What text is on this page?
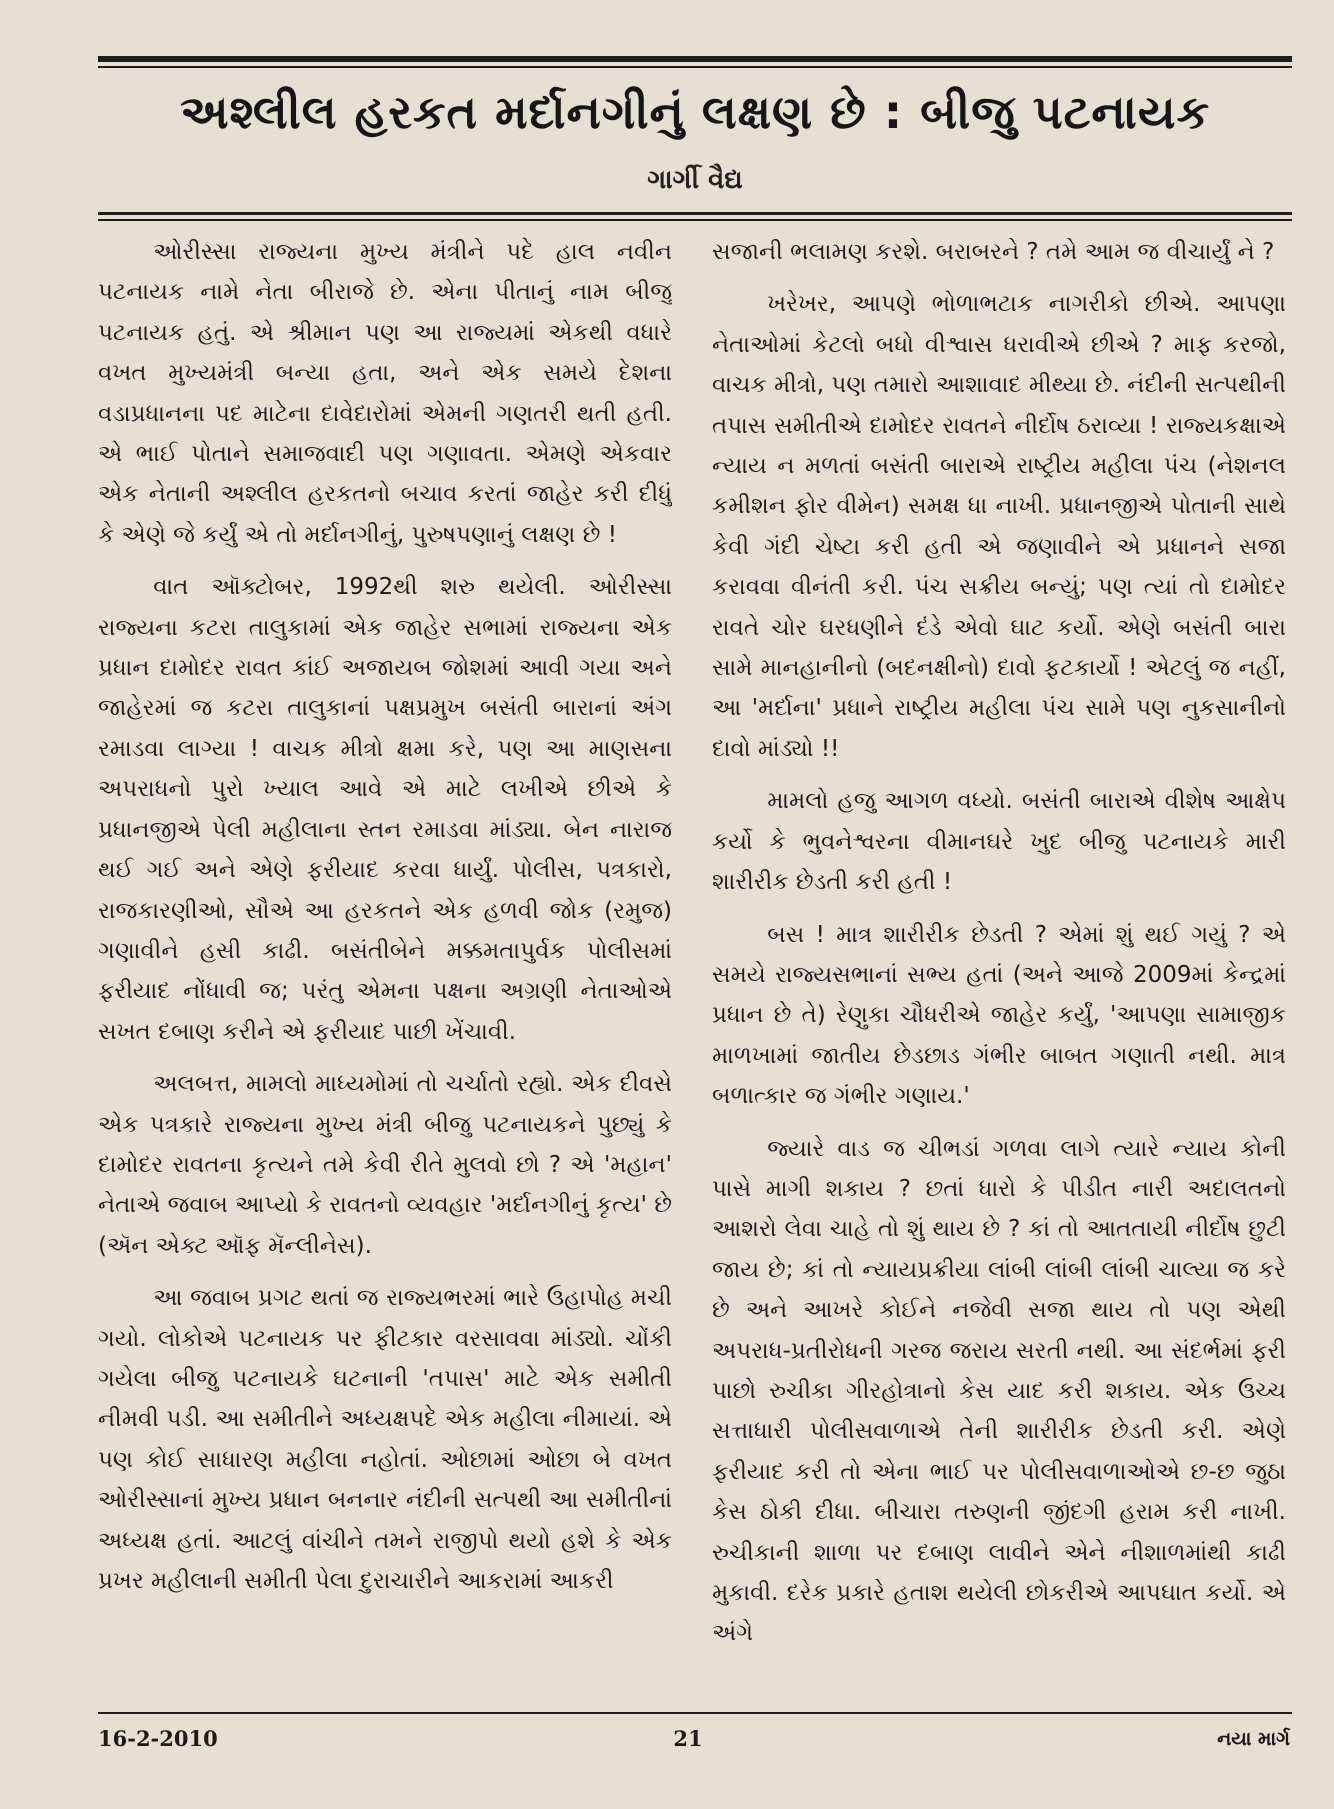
અશ્લીલ હરકત મર્દાનગીનું લક્ષણ છે : બીજુ પટનાયક
ગાર્ગી વૈદ્ય

ઓરીસ્સા રાજ્યના મુખ્ય મંત્રીને પદે હાલ નવીન પટનાયક નામે નેતા બીરાજે છે. એના પીતાનું નામ બીજુ પટનાયક હતું. એ શ્રીમાન પણ આ રાજ્યમાં એકથી વધારે વખત મુખ્યમંત્રી બન્યા હતા, અને એક સમયે દેશના વડાપ્રધાનના પદ માટેના દાવેદારોમાં એમની ગણતરી થતી હતી. એ ભાઈ પોતાને સમાજવાદી પણ ગણાવતા. એમણે એકવાર એક નેતાની અશ્લીલ હરકતનો બચાવ કરતાં જાહેર કરી દીધું કે એણે જે કર્યું એ તો મર્દાનગીનું, પુરુષપણાનું લક્ષણ છે !

વાત ઑક્ટોબર, 1992થી શરુ થયેલી. ઓરીસ્સા રાજ્યના કટરા તાલુકામાં એક જાહેર સભામાં રાજ્યના એક પ્રધાન દામોદર રાવત કાંઈ અજાયબ જોશમાં આવી ગયા અને જાહેરમાં જ કટરા તાલુકાનાં પક્ષપ્રમુખ બસંતી બારાનાં અંગ રમાડવા લાગ્યા ! વાચક મીત્રો ક્ષમા કરે, પણ આ માણસના અપરાધનો પુરો ખ્યાલ આવે એ માટે લખીએ છીએ કે પ્રધાનજીએ પેલી મહીલાના સ્તન રમાડવા માંડ્યા. બેન નારાજ થઈ ગઈ અને એણે ફરીયાદ કરવા ધાર્યું. પોલીસ, પત્રકારો, રાજકારણીઓ, સૌએ આ હરકતને એક હળવી જોક (રમુજ) ગણાવીને હસી કાઢી. બસંતીબેને મક્કમતાપુર્વક પોલીસમાં ફરીયાદ નોંધાવી જ; પરંતુ એમના પક્ષના અગ્રણી નેતાઓએ સખત દબાણ કરીને એ ફરીયાદ પાછી ખેંચાવી.

અલબત્ત, મામલો માધ્યમોમાં તો ચર્ચાતો રહ્યો. એક દીવસે એક પત્રકારે રાજ્યના મુખ્ય મંત્રી બીજુ પટનાયકને પુછ્યું કે દામોદર રાવતના કૃત્યને તમે કેવી રીતે મુલવો છો ? એ 'મહાન' નેતાએ જવાબ આપ્યો કે રાવતનો વ્યવહાર 'મર્દાનગીનું કૃત્ય' છે (ઍન એક્ટ ઑફ મૅન્લીનેસ).

આ જવાબ પ્રગટ થતાં જ રાજ્યભરમાં ભારે ઉહાપોહ મચી ગયો. લોકોએ પટનાયક પર ફીટકાર વરસાવવા માંડ્યો. ચોંકી ગયેલા બીજુ પટનાયકે ઘટનાની 'તપાસ' માટે એક સમીતી નીમવી પડી. આ સમીતીને અધ્યક્ષપદે એક મહીલા નીમાયાં. એ પણ કોઈ સાધારણ મહીલા નહોતાં. ઓછામાં ઓછા બે વખત ઓરીસ્સાનાં મુખ્ય પ્રધાન બનનાર નંદીની સત્પથી આ સમીતીનાં અધ્યક્ષ હતાં. આટલું વાંચીને તમને રાજીપો થયો હશે કે એક પ્રખર મહીલાની સમીતી પેલા દુરાચારીને આકરામાં આકરી

સજાની ભલામણ કરશે. બરાબરને ? તમે આમ જ વીચાર્યું ને ?

ખરેખર, આપણે ભોળાભટાક નાગરીકો છીએ. આપણા નેતાઓમાં કેટલો બધો વીશ્વાસ ધરાવીએ છીએ ? માફ કરજો, વાચક મીત્રો, પણ તમારો આશાવાદ મીથ્યા છે. નંદીની સત્પથીની તપાસ સમીતીએ દામોદર રાવતને નીર્દોષ ઠરાવ્યા ! રાજ્યકક્ષાએ ન્યાય ન મળતાં બસંતી બારાએ રાષ્ટ્રીય મહીલા પંચ (નેશનલ કમીશન ફોર વીમેન) સમક્ષ ધા નાખી. પ્રધાનજીએ પોતાની સાથે કેવી ગંદી ચેષ્ટા કરી હતી એ જણાવીને એ પ્રધાનને સજા કરાવવા વીનંતી કરી. પંચ સક્રીય બન્યું; પણ ત્યાં તો દામોદર રાવતે ચોર ઘરધણીને દંડે એવો ઘાટ કર્યો. એણે બસંતી બારા સામે માનહાનીનો (બદનક્ષીનો) દાવો ફટકાર્યો ! એટલું જ નહીં, આ 'મર્દાના' પ્રધાને રાષ્ટ્રીય મહીલા પંચ સામે પણ નુકસાનીનો દાવો માંડ્યો !!

મામલો હજુ આગળ વધ્યો. બસંતી બારાએ વીશેષ આક્ષેપ કર્યો કે ભુવનેશ્વરના વીમાનઘરે ખુદ બીજુ પટનાયકે મારી શારીરીક છેડતી કરી હતી !

બસ ! માત્ર શારીરીક છેડતી ? એમાં શું થઈ ગયું ? એ સમયે રાજ્યસભાનાં સભ્ય હતાં (અને આજે 2009માં કેન્દ્રમાં પ્રધાન છે તે) રેણુકા ચૌધરીએ જાહેર કર્યું, 'આપણા સામાજીક માળખામાં જાતીય છેડછાડ ગંભીર બાબત ગણાતી નથી. માત્ર બળાત્કાર જ ગંભીર ગણાય.'

જ્યારે વાડ જ ચીભડાં ગળવા લાગે ત્યારે ન્યાય કોની પાસે માગી શકાય ? છતાં ધારો કે પીડીત નારી અદાલતનો આશરો લેવા ચાહે તો શું થાય છે ? કાં તો આતતાયી નીર્દોષ છુટી જાય છે; કાં તો ન્યાયપ્રક્રીયા લાંબી લાંબી લાંબી ચાલ્યા જ કરે છે અને આખરે કોઈને નજેવી સજા થાય તો પણ એથી અપરાધ-પ્રતીરોધની ગરજ જરાય સરતી નથી. આ સંદર્ભમાં ફરી પાછો રુચીકા ગીરહોત્રાનો કેસ યાદ કરી શકાય. એક ઉચ્ચ સત્તાધારી પોલીસવાળાએ તેની શારીરીક છેડતી કરી. એણે ફરીયાદ કરી તો એના ભાઈ પર પોલીસવાળાઓએ છ-છ જુઠા કેસ ઠોકી દીધા. બીચારા તરુણની જીંદગી હરામ કરી નાખી. રુચીકાની શાળા પર દબાણ લાવીને એને નીશાળમાંથી કાઢી મુકાવી. દરેક પ્રકારે હતાશ થયેલી છોકરીએ આપઘાત કર્યો. એ અંગે

16-2-2010	21	નયા માર્ગ
